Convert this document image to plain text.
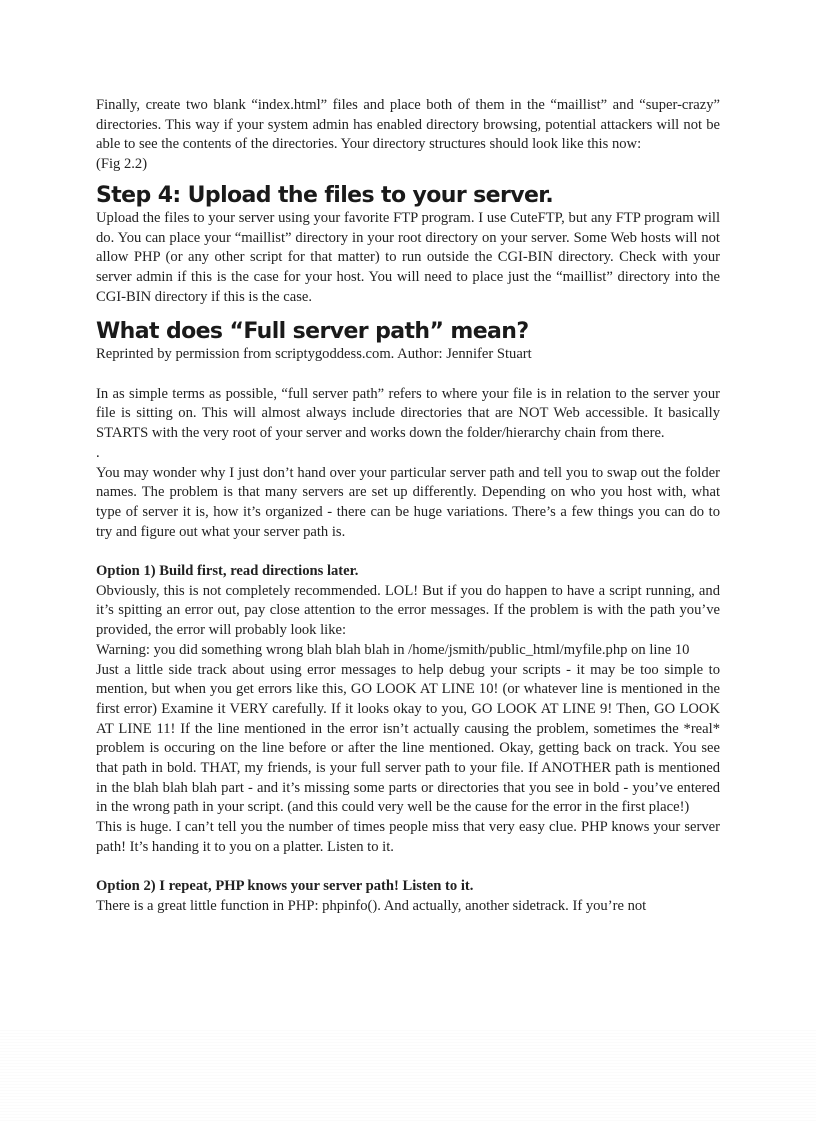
Finally, create two blank “index.html” files and place both of them in the “maillist” and “super-crazy” directories. This way if your system admin has enabled directory browsing, potential attackers will not be able to see the contents of the directories. Your directory structures should look like this now:

(Fig 2.2)

Step 4: Upload the files to your server.

Upload the files to your server using your favorite FTP program. I use CuteFTP, but any FTP program will do. You can place your “maillist” directory in your root directory on your server. Some Web hosts will not allow PHP (or any other script for that matter) to run outside the CGI-BIN directory. Check with your server admin if this is the case for your host. You will need to place just the “maillist” directory into the CGI-BIN directory if this is the case.

What does “Full server path” mean?

Reprinted by permission from scriptygoddess.com. Author: Jennifer Stuart

In as simple terms as possible, “full server path” refers to where your file is in relation to the server your file is sitting on. This will almost always include directories that are NOT Web accessible. It basically STARTS with the very root of your server and works down the folder/hierarchy chain from there.

.

You may wonder why I just don’t hand over your particular server path and tell you to swap out the folder names. The problem is that many servers are set up differently. Depending on who you host with, what type of server it is, how it’s organized - there can be huge variations. There’s a few things you can do to try and figure out what your server path is.

Option 1) Build first, read directions later.

Obviously, this is not completely recommended. LOL! But if you do happen to have a script running, and it’s spitting an error out, pay close attention to the error messages. If the problem is with the path you’ve provided, the error will probably look like:

Warning: you did something wrong blah blah blah in /home/jsmith/public_html/myfile.php on line 10

Just a little side track about using error messages to help debug your scripts - it may be too simple to mention, but when you get errors like this, GO LOOK AT LINE 10! (or whatever line is mentioned in the first error) Examine it VERY carefully. If it looks okay to you, GO LOOK AT LINE 9! Then, GO LOOK AT LINE 11! If the line mentioned in the error isn’t actually causing the problem, sometimes the *real* problem is occuring on the line before or after the line mentioned. Okay, getting back on track. You see that path in bold. THAT, my friends, is your full server path to your file. If ANOTHER path is mentioned in the blah blah blah part - and it’s missing some parts or directories that you see in bold - you’ve entered in the wrong path in your script. (and this could very well be the cause for the error in the first place!)

This is huge. I can’t tell you the number of times people miss that very easy clue. PHP knows your server path! It’s handing it to you on a platter. Listen to it.

Option 2) I repeat, PHP knows your server path! Listen to it.

There is a great little function in PHP: phpinfo(). And actually, another sidetrack. If you’re not
